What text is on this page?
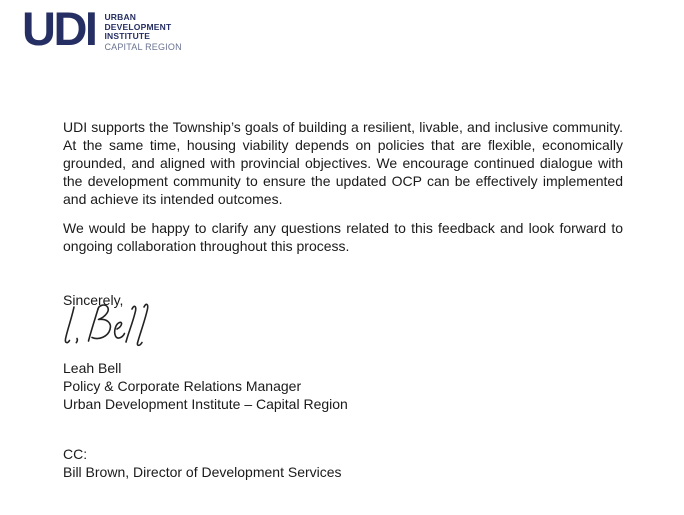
UDI URBAN
DEVELOPMENT
INSTITUTE
CAPITAL REGION

UDI supports the Township’s goals of building a resilient, livable, and inclusive community. At the same time, housing viability depends on policies that are flexible, economically grounded, and aligned with provincial objectives. We encourage continued dialogue with the development community to ensure the updated OCP can be effectively implemented and achieve its intended outcomes.

We would be happy to clarify any questions related to this feedback and look forward to ongoing collaboration throughout this process.

Sincerely,

Leah Bell
Policy & Corporate Relations Manager
Urban Development Institute – Capital Region
CC:
Bill Brown, Director of Development Services
